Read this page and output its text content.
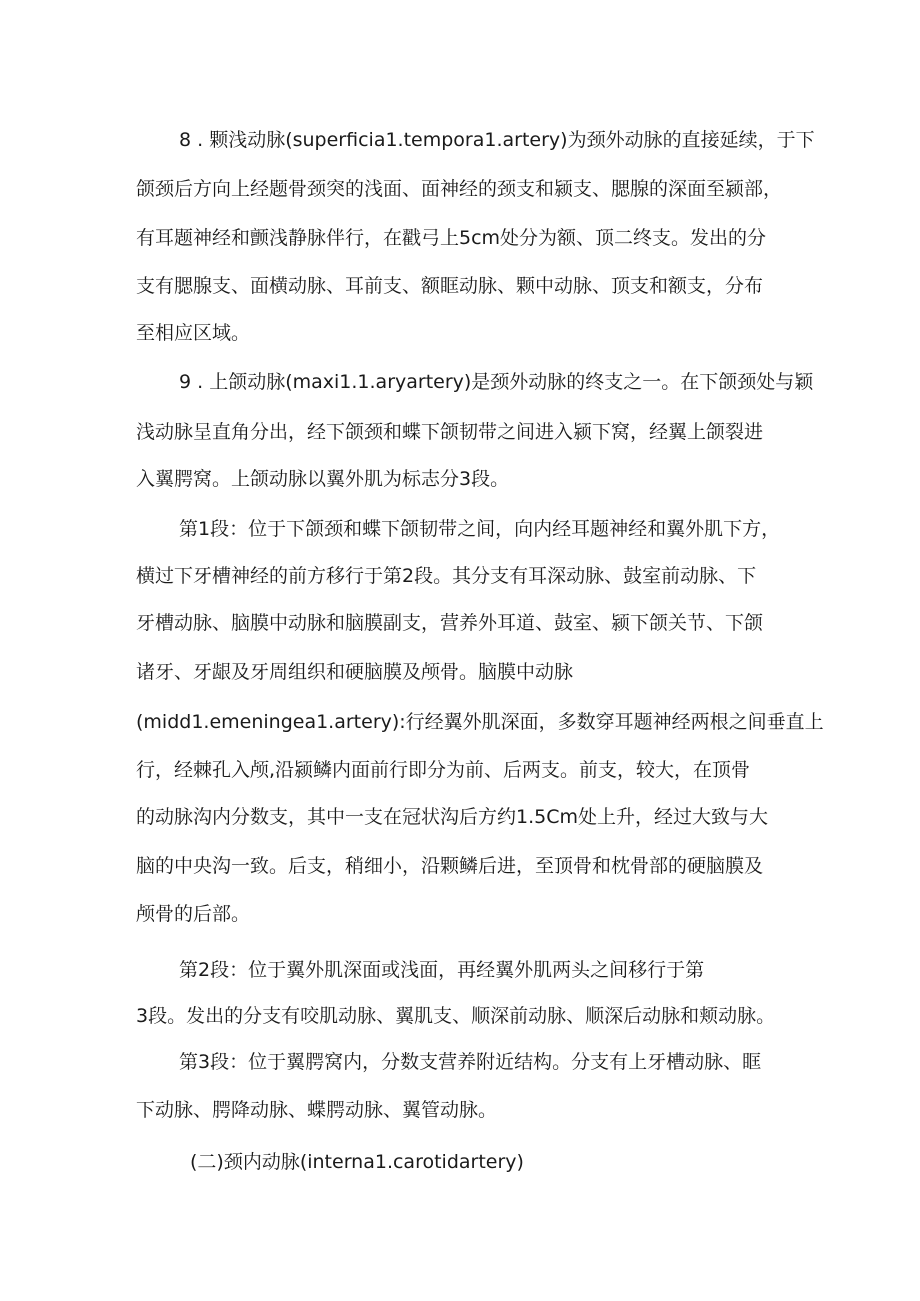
8 . 颗浅动脉(superficia1.tempora1.artery)为颈外动脉的直接延续，于下
颌颈后方向上经题骨颈突的浅面、面神经的颈支和颍支、腮腺的深面至颍部，
有耳题神经和颤浅静脉伴行，在戳弓上5cm处分为额、顶二终支。发出的分
支有腮腺支、面横动脉、耳前支、额眶动脉、颗中动脉、顶支和额支，分布
至相应区域。
9 . 上颌动脉(maxi1.1.aryartery)是颈外动脉的终支之一。在下颌颈处与颖
浅动脉呈直角分出，经下颌颈和蝶下颌韧带之间进入颍下窝，经翼上颌裂进
入翼腭窝。上颌动脉以翼外肌为标志分3段。
第1段：位于下颌颈和蝶下颌韧带之间，向内经耳题神经和翼外肌下方，
横过下牙槽神经的前方移行于第2段。其分支有耳深动脉、鼓室前动脉、下
牙槽动脉、脑膜中动脉和脑膜副支，营养外耳道、鼓室、颍下颌关节、下颌
诸牙、牙龈及牙周组织和硬脑膜及颅骨。脑膜中动脉
(midd1.emeningea1.artery):行经翼外肌深面，多数穿耳题神经两根之间垂直上
行，经棘孔入颅,沿颍鳞内面前行即分为前、后两支。前支，较大，在顶骨
的动脉沟内分数支，其中一支在冠状沟后方约1.5Cm处上升，经过大致与大
脑的中央沟一致。后支，稍细小，沿颗鳞后进，至顶骨和枕骨部的硬脑膜及
颅骨的后部。
第2段：位于翼外肌深面或浅面，再经翼外肌两头之间移行于第
3段。发出的分支有咬肌动脉、翼肌支、顺深前动脉、顺深后动脉和颊动脉。
第3段：位于翼腭窝内，分数支营养附近结构。分支有上牙槽动脉、眶
下动脉、腭降动脉、蝶腭动脉、翼管动脉。
(二)颈内动脉(interna1.carotidartery)
